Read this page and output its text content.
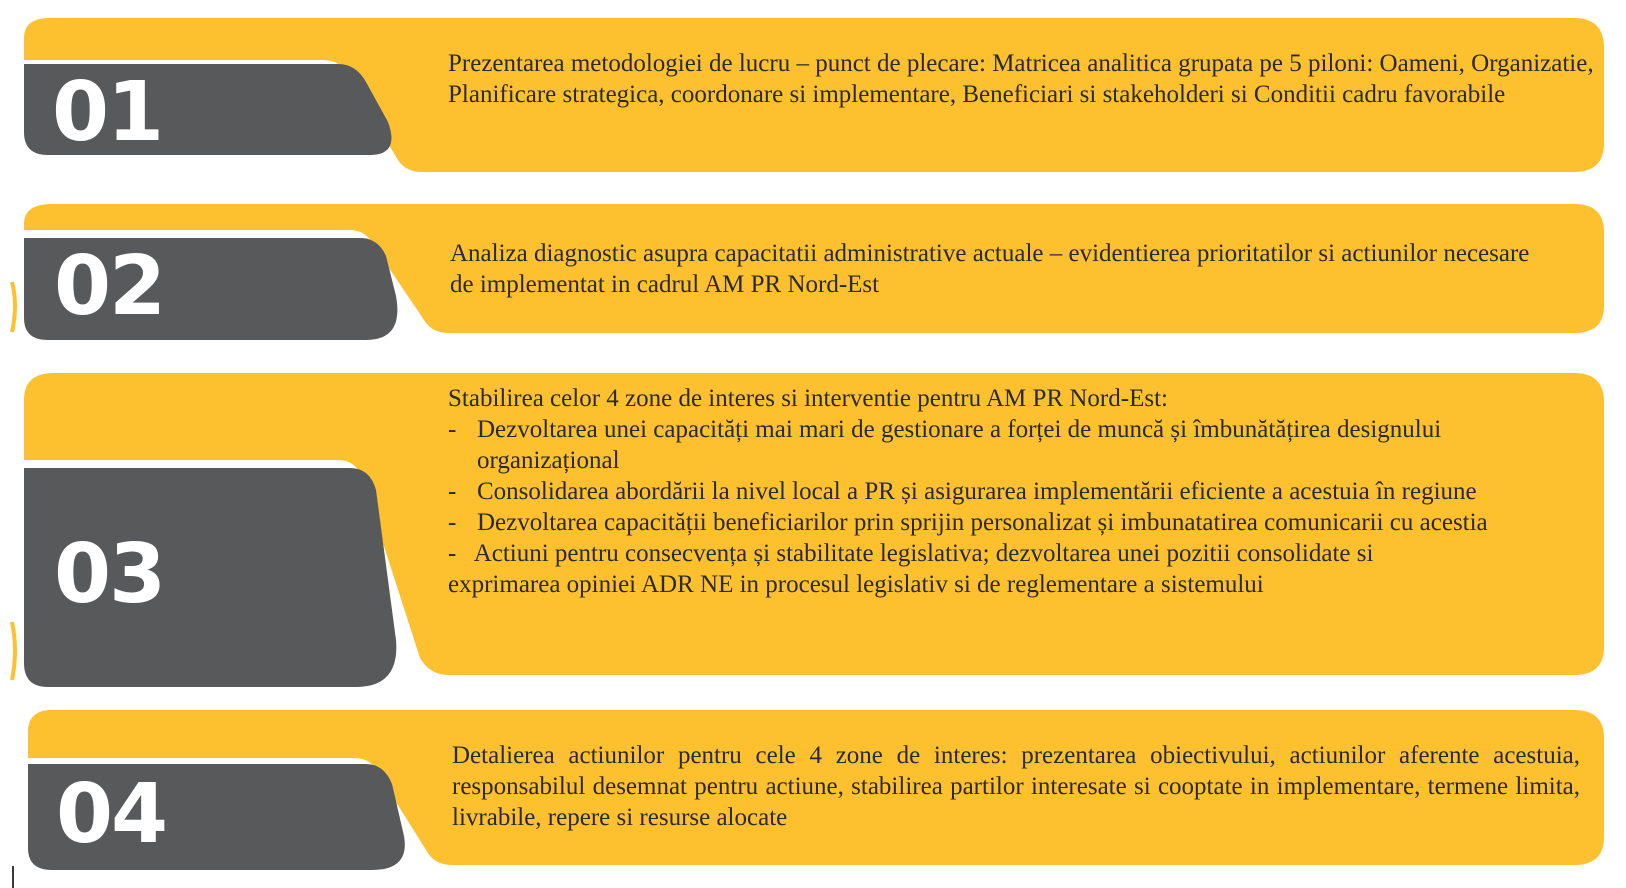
01
02
03
04

Prezentarea metodologiei de lucru – punct de plecare: Matricea analitica grupata pe 5 piloni: Oameni, Organizatie, Planificare strategica, coordonare si implementare, Beneficiari si stakeholderi si Conditii cadru favorabile

Analiza diagnostic asupra capacitatii administrative actuale – evidentierea prioritatilor si actiunilor necesare de implementat in cadrul AM PR Nord-Est

Stabilirea celor 4 zone de interes si interventie pentru AM PR Nord-Est:

- Dezvoltarea unei capacități mai mari de gestionare a forței de muncă și îmbunătățirea designului organizațional
- Consolidarea abordării la nivel local a PR și asigurarea implementării eficiente a acestuia în regiune
- Dezvoltarea capacității beneficiarilor prin sprijin personalizat și imbunatatirea comunicarii cu acestia

-   Actiuni pentru consecvența și stabilitate legislativa; dezvoltarea unei pozitii consolidate si

exprimarea opiniei ADR NE in procesul legislativ si de reglementare a sistemului

Detalierea actiunilor pentru cele 4 zone de interes: prezentarea obiectivului, actiunilor aferente acestuia, responsabilul desemnat pentru actiune, stabilirea partilor interesate si cooptate in implementare, termene limita, livrabile, repere si resurse alocate
